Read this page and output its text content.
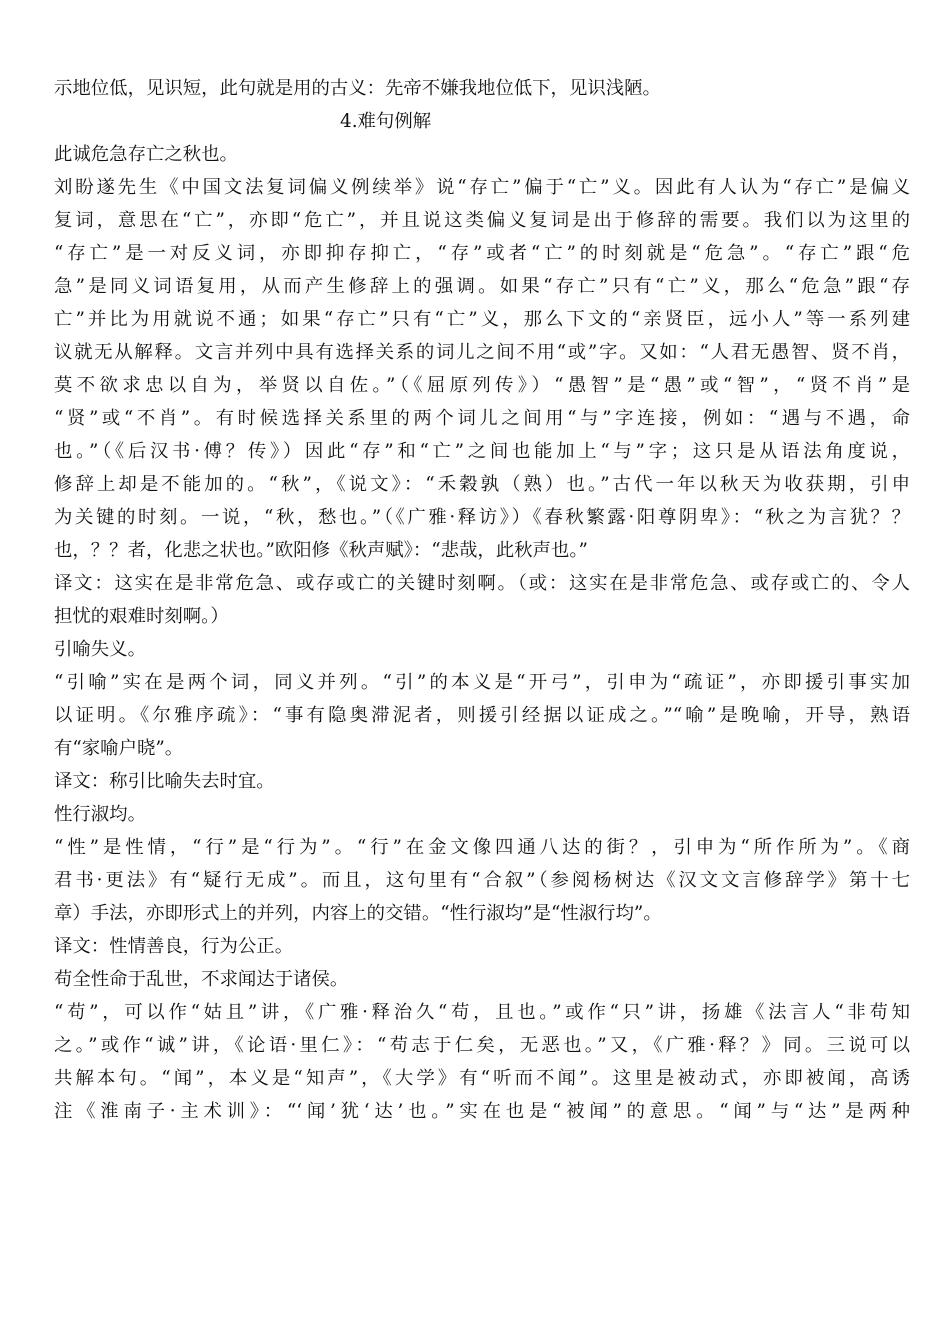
示地位低，见识短，此句就是用的古义：先帝不嫌我地位低下，见识浅陋。
4.难句例解
此诚危急存亡之秋也。
刘盼遂先生《中国文法复词偏义例续举》说“存亡”偏于“亡”义。因此有人认为“存亡”是偏义
复词，意思在“亡”，亦即“危亡”，并且说这类偏义复词是出于修辞的需要。我们以为这里的
“存亡”是一对反义词，亦即抑存抑亡，“存”或者“亡”的时刻就是“危急”。“存亡”跟“危
急”是同义词语复用，从而产生修辞上的强调。如果“存亡”只有“亡”义，那么“危急”跟“存
亡”并比为用就说不通；如果“存亡”只有“亡”义，那么下文的“亲贤臣，远小人”等一系列建
议就无从解释。文言并列中具有选择关系的词儿之间不用“或”字。又如：“人君无愚智、贤不肖，
莫不欲求忠以自为，举贤以自佐。”（《屈原列传》）“愚智”是“愚”或“智”，“贤不肖”是
“贤”或“不肖”。有时候选择关系里的两个词儿之间用“与”字连接，例如：“遇与不遇，命
也。”（《后汉书·傅？传》）因此“存”和“亡”之间也能加上“与”字；这只是从语法角度说，
修辞上却是不能加的。“秋”，《说文》：“禾穀孰（熟）也。”古代一年以秋天为收获期，引申
为关键的时刻。一说，“秋，愁也。”（《广雅·释访》）《春秋繁露·阳尊阴卑》：“秋之为言犹？？
也，？？者，化悲之状也。”欧阳修《秋声赋》：“悲哉，此秋声也。”
译文：这实在是非常危急、或存或亡的关键时刻啊。（或：这实在是非常危急、或存或亡的、令人
担忧的艰难时刻啊。）
引喻失义。
“引喻”实在是两个词，同义并列。“引”的本义是“开弓”，引申为“疏证”，亦即援引事实加
以证明。《尔雅序疏》：“事有隐奥滞泥者，则援引经据以证成之。”“喻”是晚喻，开导，熟语
有“家喻户晓”。
译文：称引比喻失去时宜。
性行淑均。
“性”是性情，“行”是“行为”。“行”在金文像四通八达的街？，引申为“所作所为”。《商
君书·更法》有“疑行无成”。而且，这句里有“合叙”（参阅杨树达《汉文文言修辞学》第十七
章）手法，亦即形式上的并列，内容上的交错。“性行淑均”是“性淑行均”。
译文：性情善良，行为公正。
苟全性命于乱世，不求闻达于诸侯。
“苟”，可以作“姑且”讲，《广雅·释治久“苟，且也。”或作“只”讲，扬雄《法言人“非苟知
之。”或作“诚”讲，《论语·里仁》：“苟志于仁矣，无恶也。”又，《广雅·释？》同。三说可以
共解本句。“闻”，本义是“知声”，《大学》有“听而不闻”。这里是被动式，亦即被闻，高诱
注《淮南子·主术训》：“‘闻’犹‘达’也。”实在也是“被闻”的意思。“闻”与“达”是两种
